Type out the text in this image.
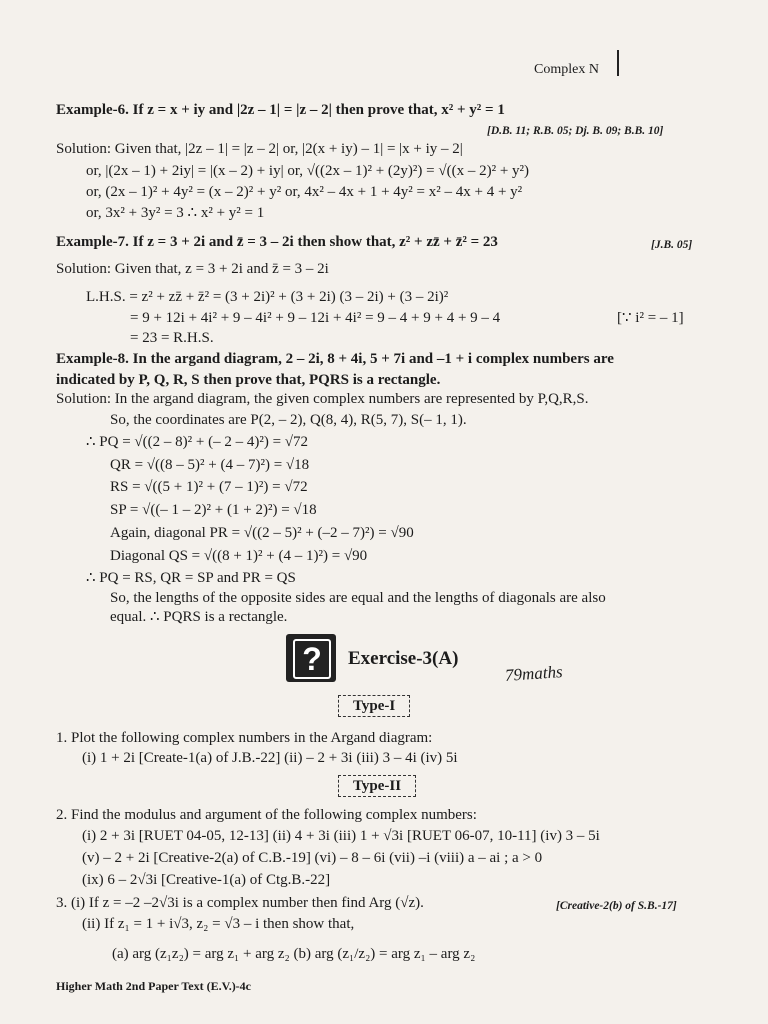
Complex N
Example-6. If z = x + iy and |2z – 1| = |z – 2| then prove that, x² + y² = 1
[D.B. 11; R.B. 05; Dj. B. 09; B.B. 10]
Solution: Given that, |2z – 1| = |z – 2| or, |2(x + iy) – 1| = |x + iy – 2|
or, |(2x – 1) + 2iy| = |(x – 2) + iy| or, √((2x – 1)² + (2y)²) = √((x – 2)² + y²)
or, (2x – 1)² + 4y² = (x – 2)² + y² or, 4x² – 4x + 1 + 4y² = x² – 4x + 4 + y²
or, 3x² + 3y² = 3 ∴ x² + y² = 1
Example-7. If z = 3 + 2i and z̄ = 3 – 2i then show that, z² + zz̄ + z̄² = 23	[J.B. 05]
Solution: Given that, z = 3 + 2i and z̄ = 3 – 2i
L.H.S. = z² + zz̄ + z̄² = (3 + 2i)² + (3 + 2i) (3 – 2i) + (3 – 2i)²
= 9 + 12i + 4i² + 9 – 4i² + 9 – 12i + 4i² = 9 – 4 + 9 + 4 + 9 – 4	[∵ i² = – 1]
= 23 = R.H.S.
Example-8. In the argand diagram, 2 – 2i, 8 + 4i, 5 + 7i and –1 + i complex numbers are
indicated by P, Q, R, S then prove that, PQRS is a rectangle.
Solution: In the argand diagram, the given complex numbers are represented by P,Q,R,S.
So, the coordinates are P(2, – 2), Q(8, 4), R(5, 7), S(– 1, 1).
∴ PQ = √((2 – 8)² + (– 2 – 4)²) = √72
QR = √((8 – 5)² + (4 – 7)²) = √18
RS = √((5 + 1)² + (7 – 1)²) = √72
SP = √((– 1 – 2)² + (1 + 2)²) = √18
Again, diagonal PR = √((2 – 5)² + (–2 – 7)²) = √90
Diagonal QS = √((8 + 1)² + (4 – 1)²) = √90
∴ PQ = RS, QR = SP and PR = QS
So, the lengths of the opposite sides are equal and the lengths of diagonals are also
equal. ∴ PQRS is a rectangle.
1. Plot the following complex numbers in the Argand diagram:
(i) 1 + 2i [Create-1(a) of J.B.-22] (ii) – 2 + 3i (iii) 3 – 4i (iv) 5i
2. Find the modulus and argument of the following complex numbers:
(i) 2 + 3i [RUET 04-05, 12-13] (ii) 4 + 3i (iii) 1 + √3i [RUET 06-07, 10-11] (iv) 3 – 5i
(v) – 2 + 2i [Creative-2(a) of C.B.-19] (vi) – 8 – 6i (vii) –i (viii) a – ai ; a > 0
(ix) 6 – 2√3i [Creative-1(a) of Ctg.B.-22]
3. (i) If z = –2 –2√3i is a complex number then find Arg (√z).	[Creative-2(b) of S.B.-17]
(ii) If z₁ = 1 + i√3, z₂ = √3 – i then show that,
(a) arg (z₁z₂) = arg z₁ + arg z₂ (b) arg (z₁/z₂) = arg z₁ – arg z₂
?	Exercise-3(A)
79maths
Type-I
Type-II
Higher Math 2nd Paper Text (E.V.)-4c
